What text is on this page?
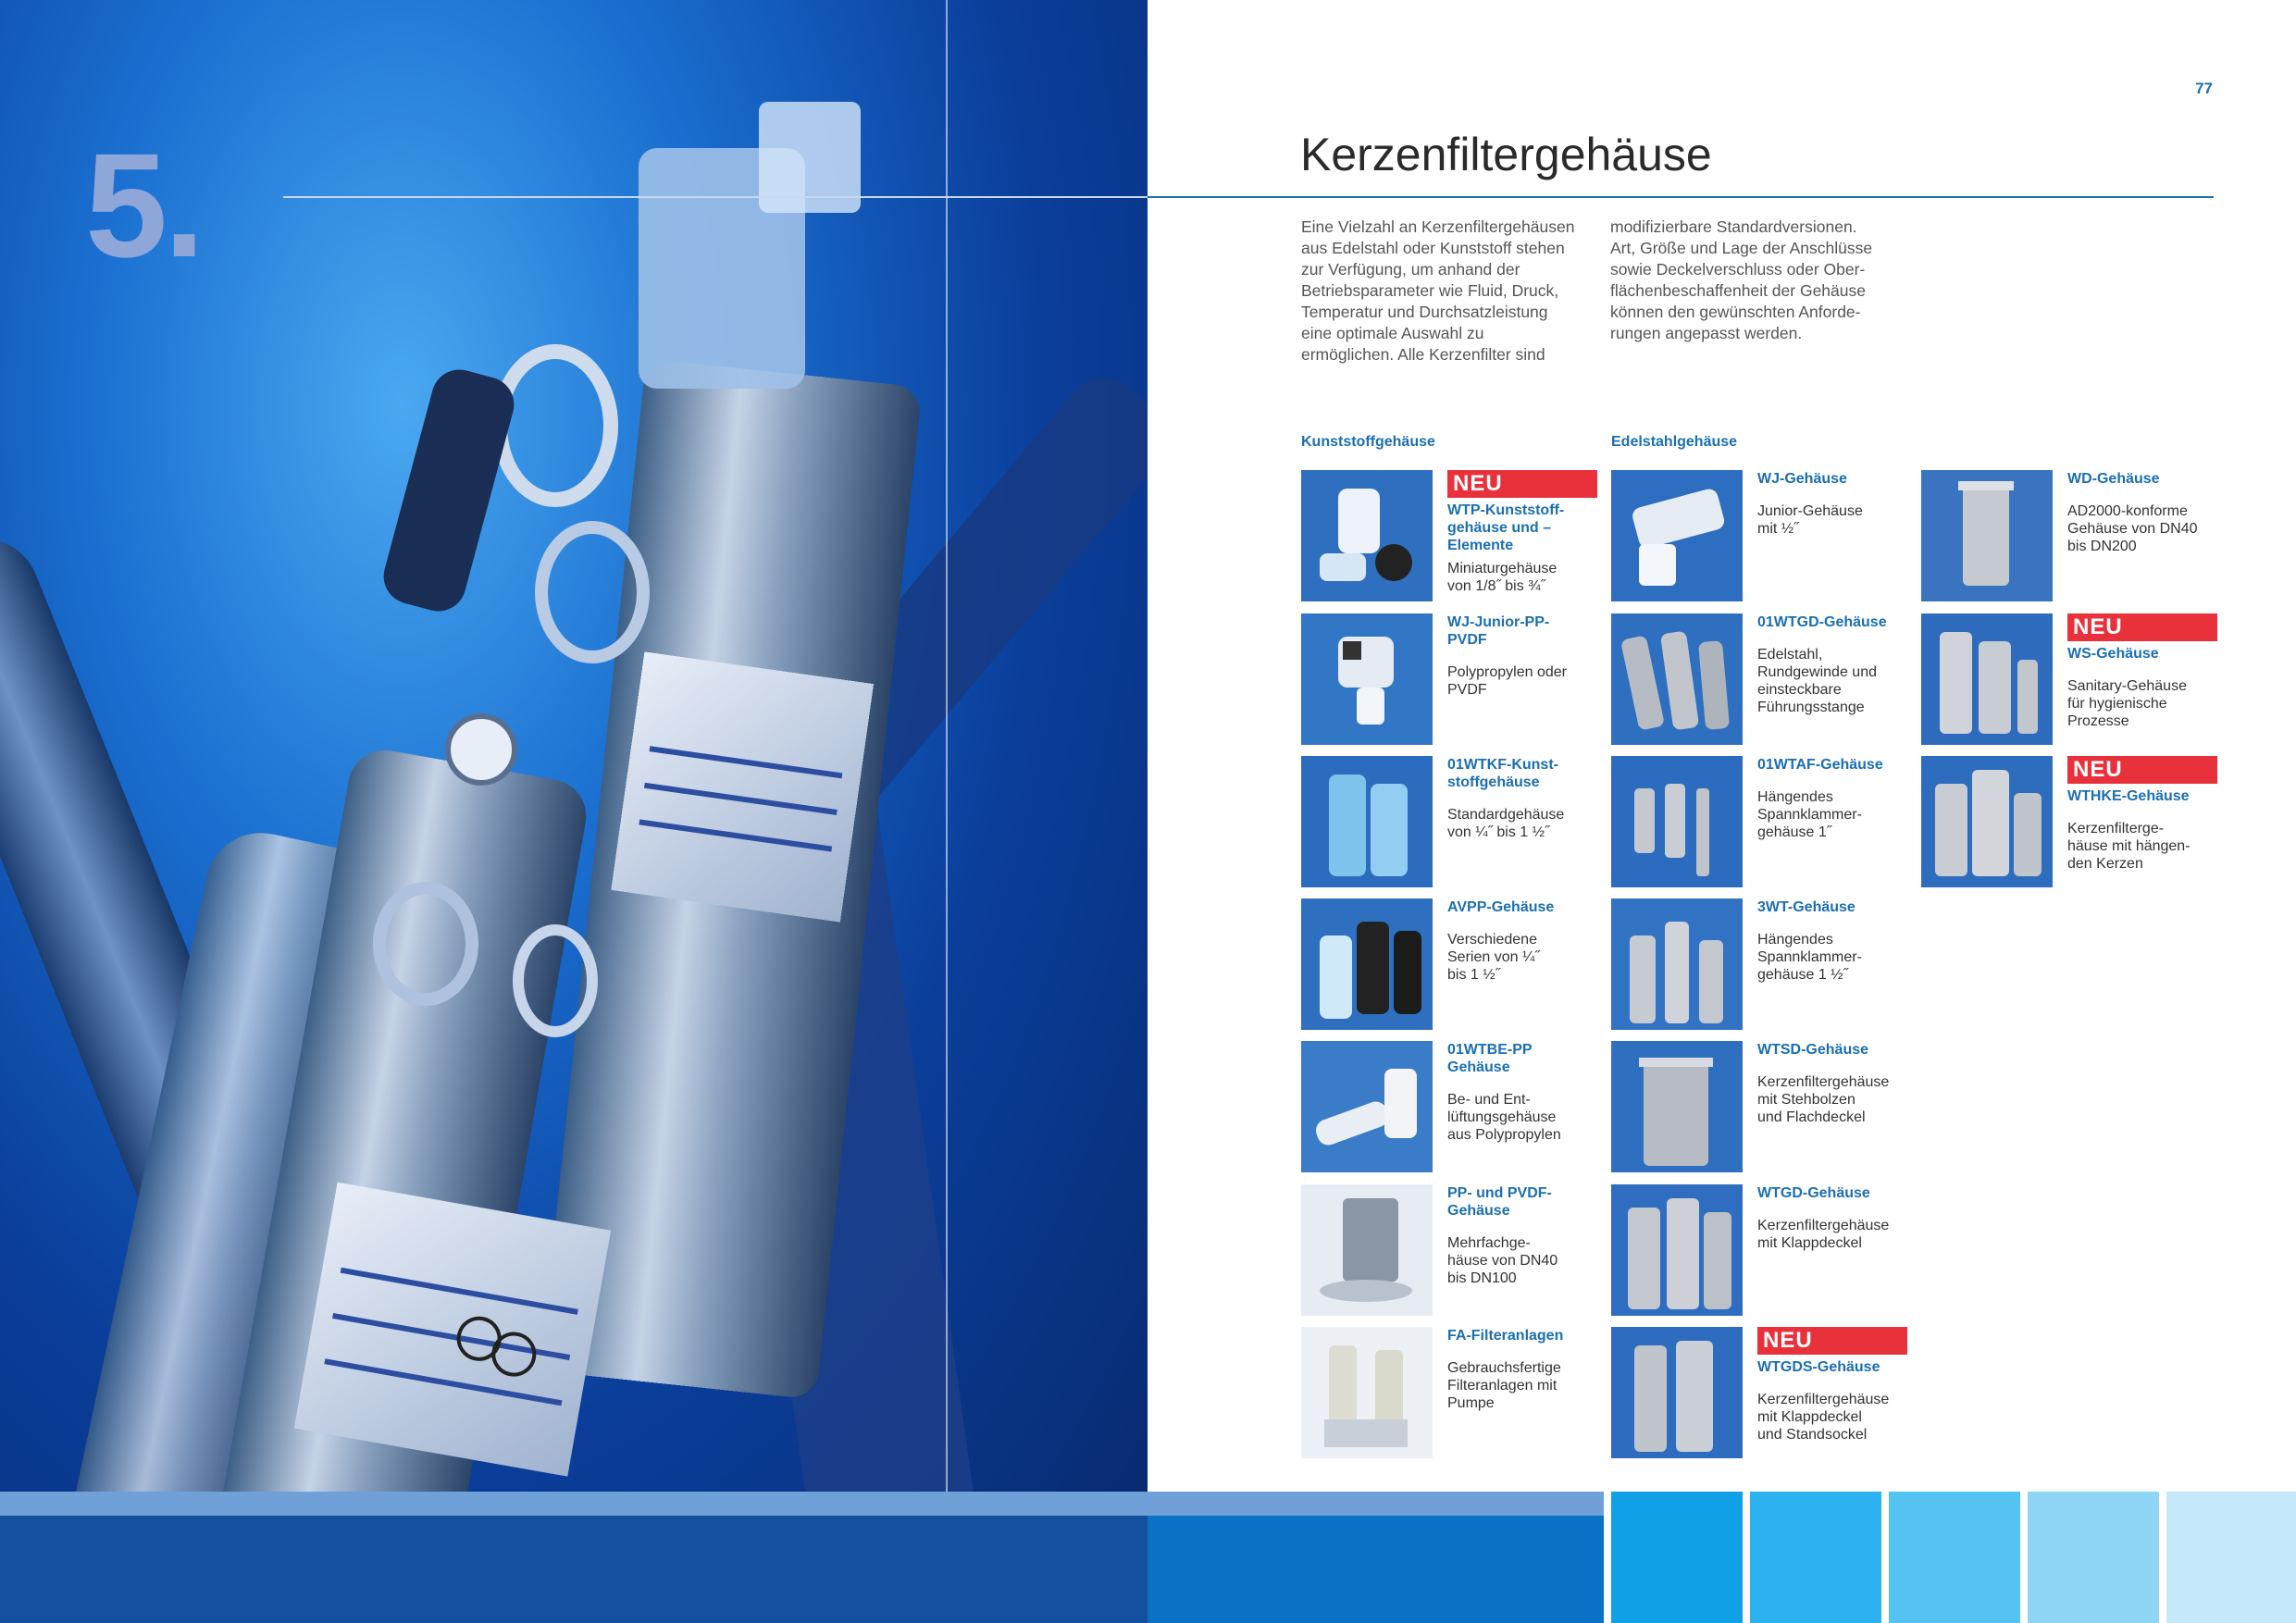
5.
77
Kerzenfiltergehäuse
Eine Vielzahl an Kerzenfiltergehäusen
aus Edelstahl oder Kunststoff stehen
zur Verfügung, um anhand der
Betriebsparameter wie Fluid, Druck,
Temperatur und Durchsatzleistung
eine optimale Auswahl zu
ermöglichen. Alle Kerzenfilter sind
modifizierbare Standardversionen.
Art, Größe und Lage der Anschlüsse
sowie Deckelverschluss oder Ober-
flächenbeschaffenheit der Gehäuse
können den gewünschten Anforde-
rungen angepasst werden.
Kunststoffgehäuse	Edelstahlgehäuse
NEU
WTP-Kunststoff-
gehäuse und –
Elemente
Miniaturgehäuse
von 1/8˝ bis ¾˝
WJ-Junior-PP-
PVDF
Polypropylen oder
PVDF
01WTKF-Kunst-
stoffgehäuse
Standardgehäuse
von ¼˝ bis 1 ½˝
AVPP-Gehäuse
Verschiedene
Serien von ¼˝
bis 1 ½˝
01WTBE-PP
Gehäuse
Be- und Ent-
lüftungsgehäuse
aus Polypropylen
PP- und PVDF-
Gehäuse
Mehrfachge-
häuse von DN40
bis DN100
FA-Filteranlagen
Gebrauchsfertige
Filteranlagen mit
Pumpe
WJ-Gehäuse
Junior-Gehäuse
mit ½˝
01WTGD-Gehäuse
Edelstahl,
Rundgewinde und
einsteckbare
Führungsstange
01WTAF-Gehäuse
Hängendes
Spannklammer-
gehäuse 1˝
3WT-Gehäuse
Hängendes
Spannklammer-
gehäuse 1 ½˝
WTSD-Gehäuse
Kerzenfiltergehäuse
mit Stehbolzen
und Flachdeckel
WTGD-Gehäuse
Kerzenfiltergehäuse
mit Klappdeckel
NEU
WTGDS-Gehäuse
Kerzenfiltergehäuse
mit Klappdeckel
und Standsockel
WD-Gehäuse
AD2000-konforme
Gehäuse von DN40
bis DN200
NEU
WS-Gehäuse
Sanitary-Gehäuse
für hygienische
Prozesse
NEU
WTHKE-Gehäuse
Kerzenfilterge-
häuse mit hängen-
den Kerzen
